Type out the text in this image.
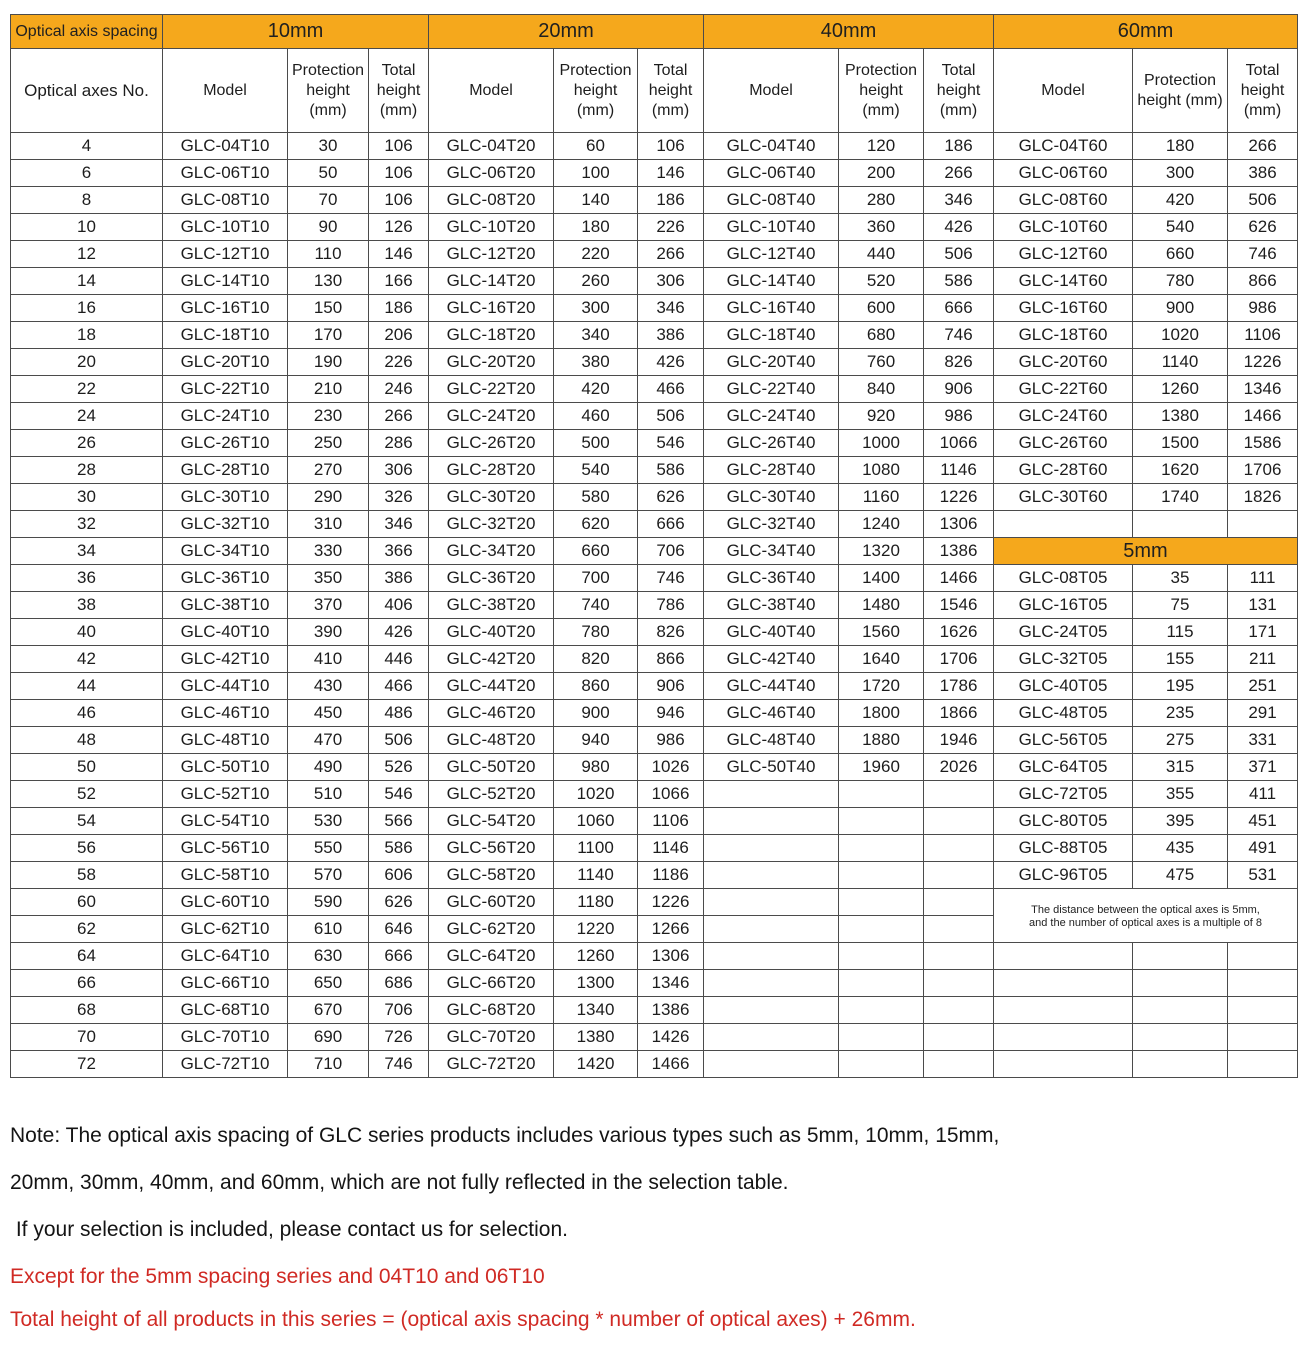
Optical axis spacing	10mm			20mm			40mm			60mm		
Optical axes No.	Model	Protection height (mm)	Total height (mm)	Model	Protection height (mm)	Total height (mm)	Model	Protection height (mm)	Total height (mm)	Model	Protection height (mm)	Total height (mm)
4	GLC-04T10	30	106	GLC-04T20	60	106	GLC-04T40	120	186	GLC-04T60	180	266
6	GLC-06T10	50	106	GLC-06T20	100	146	GLC-06T40	200	266	GLC-06T60	300	386
8	GLC-08T10	70	106	GLC-08T20	140	186	GLC-08T40	280	346	GLC-08T60	420	506
10	GLC-10T10	90	126	GLC-10T20	180	226	GLC-10T40	360	426	GLC-10T60	540	626
12	GLC-12T10	110	146	GLC-12T20	220	266	GLC-12T40	440	506	GLC-12T60	660	746
14	GLC-14T10	130	166	GLC-14T20	260	306	GLC-14T40	520	586	GLC-14T60	780	866
16	GLC-16T10	150	186	GLC-16T20	300	346	GLC-16T40	600	666	GLC-16T60	900	986
18	GLC-18T10	170	206	GLC-18T20	340	386	GLC-18T40	680	746	GLC-18T60	1020	1106
20	GLC-20T10	190	226	GLC-20T20	380	426	GLC-20T40	760	826	GLC-20T60	1140	1226
22	GLC-22T10	210	246	GLC-22T20	420	466	GLC-22T40	840	906	GLC-22T60	1260	1346
24	GLC-24T10	230	266	GLC-24T20	460	506	GLC-24T40	920	986	GLC-24T60	1380	1466
26	GLC-26T10	250	286	GLC-26T20	500	546	GLC-26T40	1000	1066	GLC-26T60	1500	1586
28	GLC-28T10	270	306	GLC-28T20	540	586	GLC-28T40	1080	1146	GLC-28T60	1620	1706
30	GLC-30T10	290	326	GLC-30T20	580	626	GLC-30T40	1160	1226	GLC-30T60	1740	1826
32	GLC-32T10	310	346	GLC-32T20	620	666	GLC-32T40	1240	1306			
34	GLC-34T10	330	366	GLC-34T20	660	706	GLC-34T40	1320	1386	5mm		
36	GLC-36T10	350	386	GLC-36T20	700	746	GLC-36T40	1400	1466	GLC-08T05	35	111
38	GLC-38T10	370	406	GLC-38T20	740	786	GLC-38T40	1480	1546	GLC-16T05	75	131
40	GLC-40T10	390	426	GLC-40T20	780	826	GLC-40T40	1560	1626	GLC-24T05	115	171
42	GLC-42T10	410	446	GLC-42T20	820	866	GLC-42T40	1640	1706	GLC-32T05	155	211
44	GLC-44T10	430	466	GLC-44T20	860	906	GLC-44T40	1720	1786	GLC-40T05	195	251
46	GLC-46T10	450	486	GLC-46T20	900	946	GLC-46T40	1800	1866	GLC-48T05	235	291
48	GLC-48T10	470	506	GLC-48T20	940	986	GLC-48T40	1880	1946	GLC-56T05	275	331
50	GLC-50T10	490	526	GLC-50T20	980	1026	GLC-50T40	1960	2026	GLC-64T05	315	371
52	GLC-52T10	510	546	GLC-52T20	1020	1066				GLC-72T05	355	411
54	GLC-54T10	530	566	GLC-54T20	1060	1106				GLC-80T05	395	451
56	GLC-56T10	550	586	GLC-56T20	1100	1146				GLC-88T05	435	491
58	GLC-58T10	570	606	GLC-58T20	1140	1186				GLC-96T05	475	531
60	GLC-60T10	590	626	GLC-60T20	1180	1226				The distance between the optical axes is 5mm,
and the number of optical axes is a multiple of 8		

62	GLC-62T10	610	646	GLC-62T20	1220	1266						
64	GLC-64T10	630	666	GLC-64T20	1260	1306						
66	GLC-66T10	650	686	GLC-66T20	1300	1346						
68	GLC-68T10	670	706	GLC-68T20	1340	1386						
70	GLC-70T10	690	726	GLC-70T20	1380	1426						
72	GLC-72T10	710	746	GLC-72T20	1420	1466						
Note: The optical axis spacing of GLC series products includes various types such as 5mm, 10mm, 15mm,
20mm, 30mm, 40mm, and 60mm, which are not fully reflected in the selection table.
If your selection is included, please contact us for selection.
Except for the 5mm spacing series and 04T10 and 06T10
Total height of all products in this series = (optical axis spacing * number of optical axes) + 26mm.
